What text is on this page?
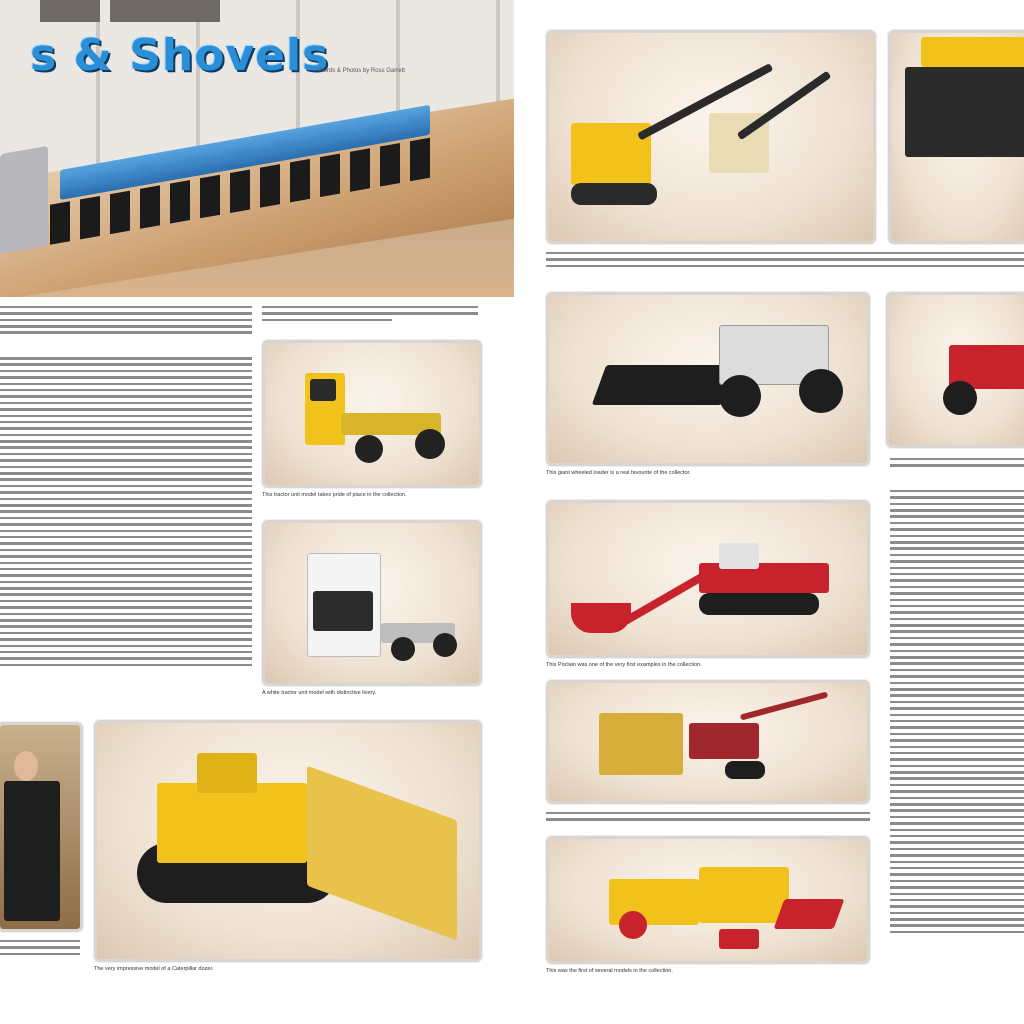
s & Shovels
Words & Photos by Ross Garrett
This tractor unit model takes pride of place in the collection.
A white tractor unit model with distinctive livery.
The very impressive model of a Caterpillar dozer.
This giant wheeled loader is a real favourite of the collector.
This Poclain was one of the very first examples in the collection.
This was the first of several models in the collection.
